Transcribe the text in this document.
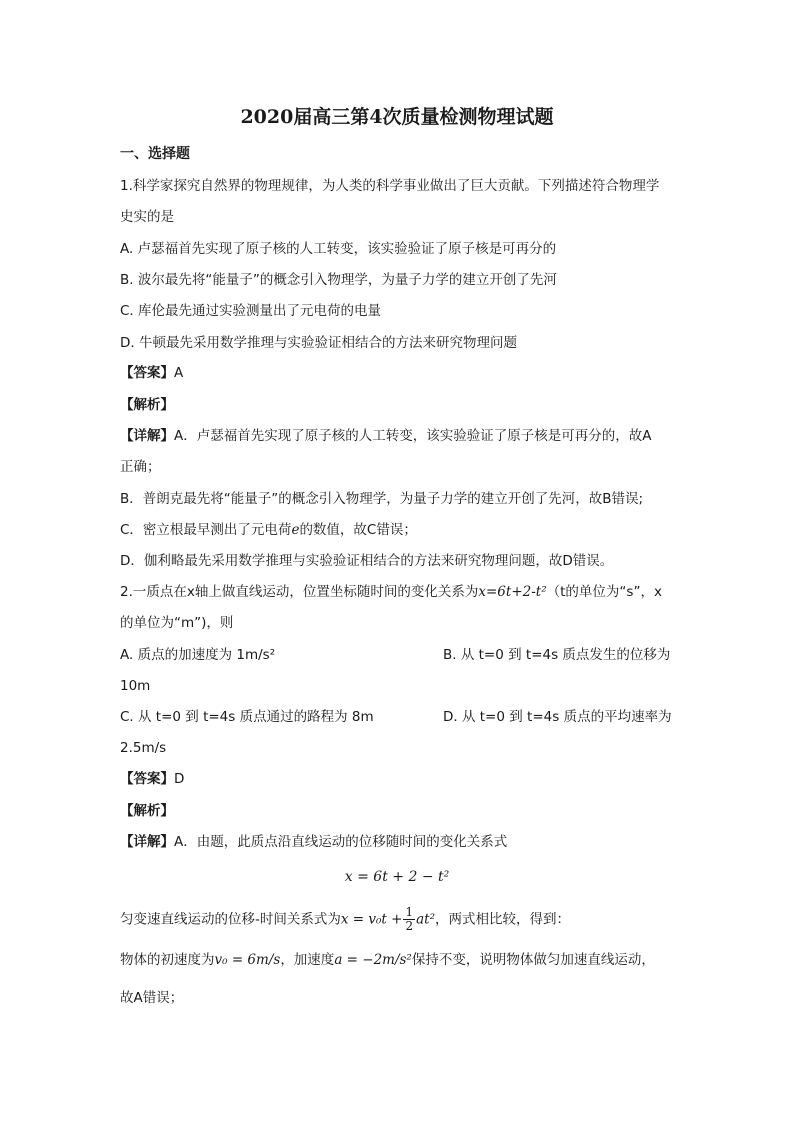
2020届高三第4次质量检测物理试题
一、选择题
1.科学家探究自然界的物理规律，为人类的科学事业做出了巨大贡献。下列描述符合物理学
史实的是
A. 卢瑟福首先实现了原子核的人工转变，该实验验证了原子核是可再分的
B. 波尔最先将“能量子”的概念引入物理学，为量子力学的建立开创了先河
C. 库伦最先通过实验测量出了元电荷的电量
D. 牛顿最先采用数学推理与实验验证相结合的方法来研究物理问题
【答案】A
【解析】
【详解】A．卢瑟福首先实现了原子核的人工转变，该实验验证了原子核是可再分的，故A
正确；
B．普朗克最先将“能量子”的概念引入物理学，为量子力学的建立开创了先河，故B错误;
C．密立根最早测出了元电荷e的数值，故C错误；
D．伽利略最先采用数学推理与实验验证相结合的方法来研究物理问题，故D错误。
2.一质点在x轴上做直线运动，位置坐标随时间的变化关系为x=6t+2-t²（t的单位为“s”，x
的单位为“m”)，则
A. 质点的加速度为 1m/s²	B. 从 t=0 到 t=4s 质点发生的位移为
10m
C. 从 t=0 到 t=4s 质点通过的路程为 8m	D. 从 t=0 到 t=4s 质点的平均速率为
2.5m/s
【答案】D
【解析】
【详解】A．由题，此质点沿直线运动的位移随时间的变化关系式
x = 6t + 2 − t²
匀变速直线运动的位移-时间关系式为$x = v_0t + \frac{1}{2} at^2$，两式相比较，得到：
物体的初速度为v₀ = 6m/s，加速度a = −2m/s²保持不变，说明物体做匀加速直线运动，
故A错误；
